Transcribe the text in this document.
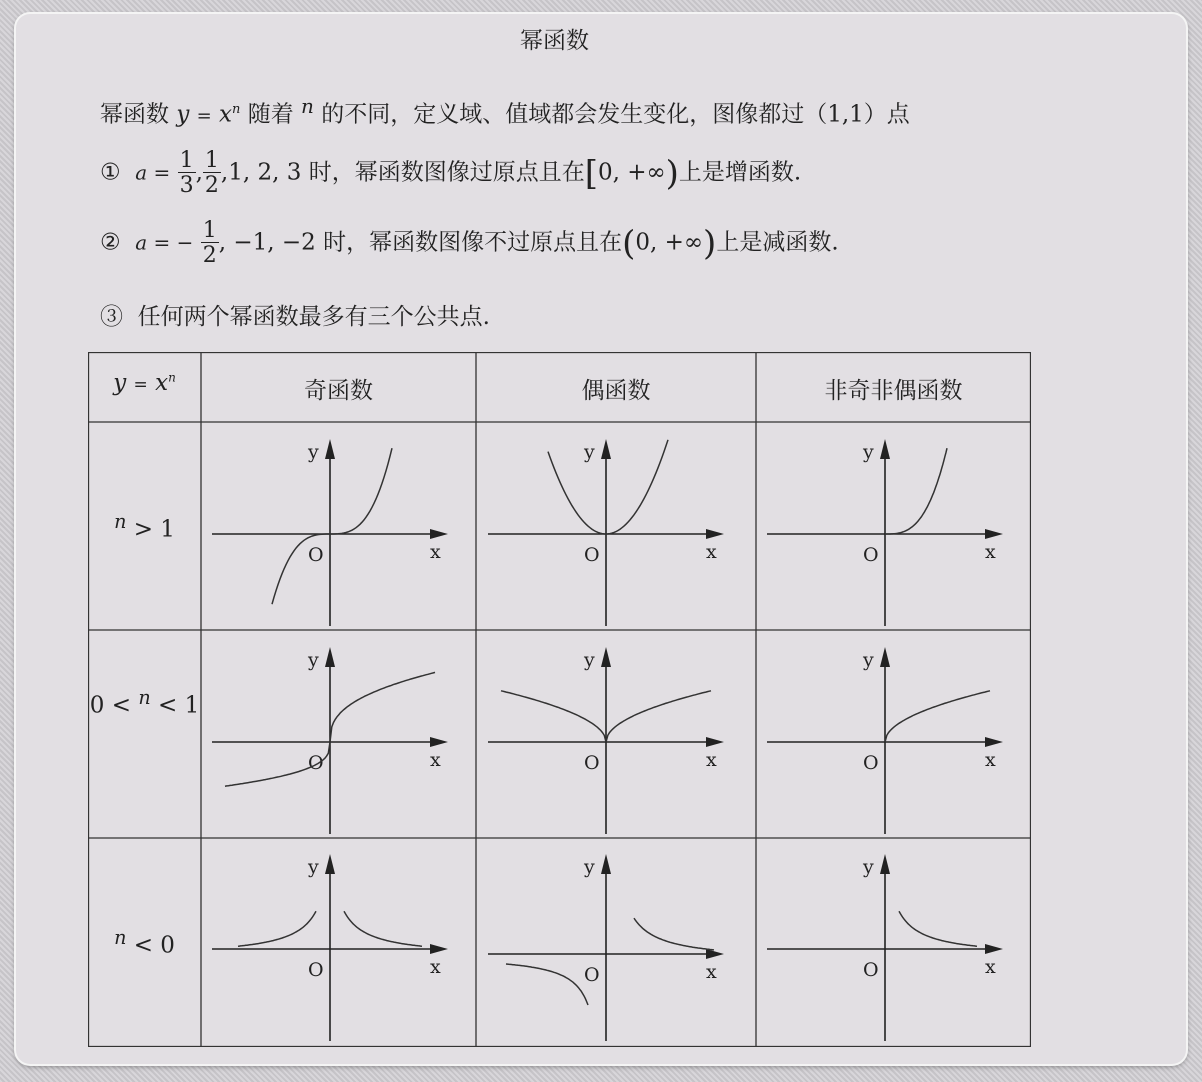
幂函数
幂函数 $y = x^n$ 随着 $^n$ 的不同，定义域、值域都会发生变化，图像都过（1,1）点
① $a = \frac{1}{3}$ , $\frac{1}{2} ,1$, 2, 3 时，幂函数图像过原点且在[0, +∞)上是增函数.
② a = − $\frac{1}{2}$ , −1, −2 时，幂函数图像不过原点且在(0, +∞)上是减函数.
③ 任何两个幂函数最多有三个公共点.
y
x
O
y
x
O
y
x
O
y
x
O
y
x
O
y
x
O
y
x
O
y
x
O
y
x
O
$y = x^n$
奇函数	偶函数	非奇非偶函数
$^n$ > 1
0 < $^n$ < 1
$^n$ < 0
